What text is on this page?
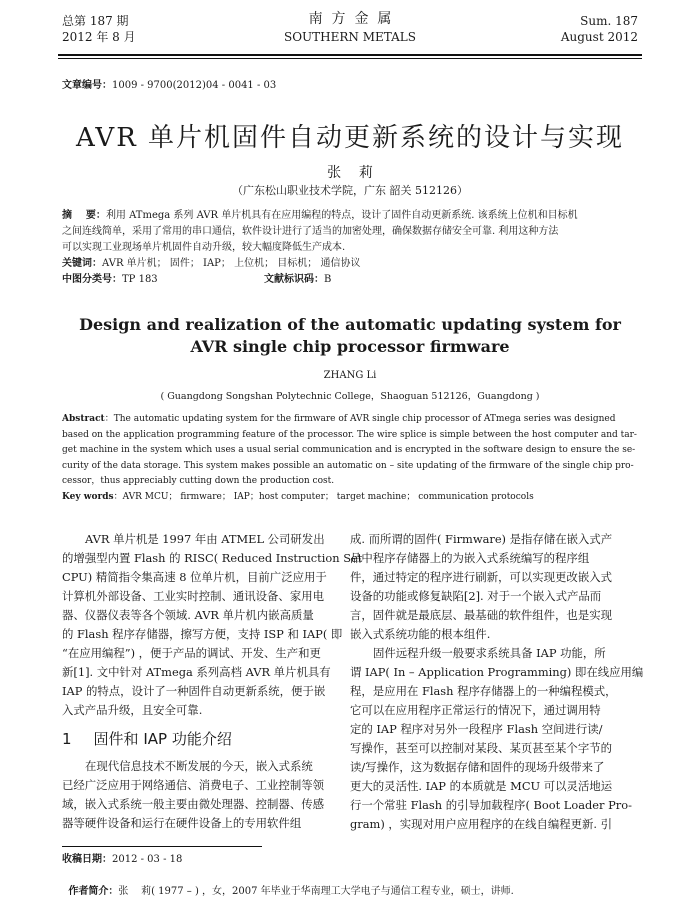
总第 187 期
2012 年 8 月
南  方  金  属
SOUTHERN METALS
Sum. 187
August 2012
文章编号：1009 - 9700(2012)04 - 0041 - 03
AVR 单片机固件自动更新系统的设计与实现
张    莉
（广东松山职业技术学院，广东 韶关 512126）
摘    要：利用 ATmega 系列 AVR 单片机具有在应用编程的特点，设计了固件自动更新系统. 该系统上位机和目标机
之间连线简单，采用了常用的串口通信，软件设计进行了适当的加密处理，确保数据存储安全可靠. 利用这种方法
可以实现工业现场单片机固件自动升级，较大幅度降低生产成本.
关键词：AVR 单片机； 固件； IAP； 上位机； 目标机； 通信协议
中图分类号：TP 183	文献标识码：B
Design and realization of the automatic updating system for
AVR single chip processor firmware
ZHANG Li
( Guangdong Songshan Polytechnic College，Shaoguan 512126，Guangdong )
Abstract：The automatic updating system for the firmware of AVR single chip processor of ATmega series was designed
based on the application programming feature of the processor. The wire splice is simple between the host computer and tar-
get machine in the system which uses a usual serial communication and is encrypted in the software design to ensure the se-
curity of the data storage. This system makes possible an automatic on – site updating of the firmware of the single chip pro-
cessor，thus appreciably cutting down the production cost.
Key words：AVR MCU； firmware； IAP；host computer； target machine； communication protocols
AVR 单片机是 1997 年由 ATMEL 公司研发出
的增强型内置 Flash 的 RISC( Reduced Instruction Set
CPU) 精简指令集高速 8 位单片机，目前广泛应用于
计算机外部设备、工业实时控制、通讯设备、家用电
器、仪器仪表等各个领域. AVR 单片机内嵌高质量
的 Flash 程序存储器，擦写方便，支持 ISP 和 IAP( 即
“在应用编程”) ，便于产品的调试、开发、生产和更
新[1]. 文中针对 ATmega 系列高档 AVR 单片机具有
IAP 的特点，设计了一种固件自动更新系统，便于嵌
入式产品升级，且安全可靠.
1 固件和 IAP 功能介绍
在现代信息技术不断发展的今天，嵌入式系统
已经广泛应用于网络通信、消费电子、工业控制等领
域，嵌入式系统一般主要由微处理器、控制器、传感
器等硬件设备和运行在硬件设备上的专用软件组
成. 而所谓的固件( Firmware) 是指存储在嵌入式产
品中程序存储器上的为嵌入式系统编写的程序组
件，通过特定的程序进行刷新，可以实现更改嵌入式
设备的功能或修复缺陷[2]. 对于一个嵌入式产品而
言，固件就是最底层、最基础的软件组件，也是实现
嵌入式系统功能的根本组件.
固件远程升级一般要求系统具备 IAP 功能，所
谓 IAP( In – Application Programming) 即在线应用编
程，是应用在 Flash 程序存储器上的一种编程模式，
它可以在应用程序正常运行的情况下，通过调用特
定的 IAP 程序对另外一段程序 Flash 空间进行读/
写操作，甚至可以控制对某段、某页甚至某个字节的
读/写操作，这为数据存储和固件的现场升级带来了
更大的灵活性. IAP 的本质就是 MCU 可以灵活地运
行一个常驻 Flash 的引导加载程序( Boot Loader Pro-
gram) ，实现对用户应用程序的在线自编程更新. 引
收稿日期：2012 - 03 - 18

作者简介：张    莉( 1977 – ) ，女，2007 年毕业于华南理工大学电子与通信工程专业，硕士，讲师.
